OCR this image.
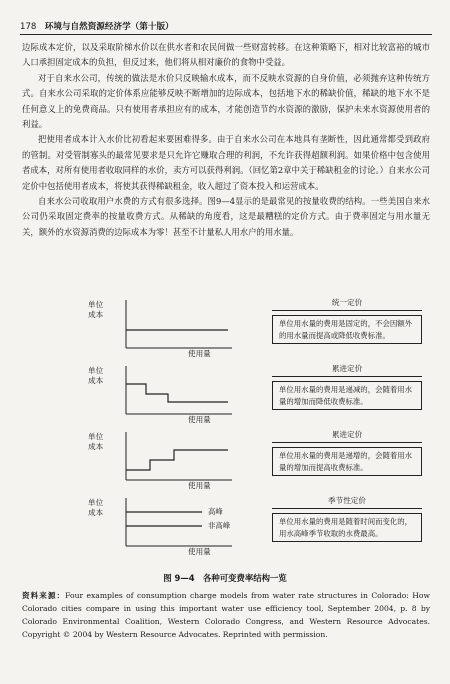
178 环境与自然资源经济学（第十版）

边际成本定价，以及采取阶梯水价以在供水者和农民间做一些财富转移。在这种策略下，相对比较富裕的城市人口承担固定成本的负担，但反过来，他们将从相对廉价的食物中受益。

对于自来水公司，传统的做法是水价只反映输水成本，而不反映水资源的自身价值，必须抛弃这种传统方式。自来水公司采取的定价体系应能够反映不断增加的边际成本，包括地下水的稀缺价值，稀缺的地下水不是任何意义上的免费商品。只有使用者承担应有的成本，才能创造节约水资源的激励，保护未来水资源使用者的利益。

把使用者成本计入水价比初看起来要困难得多。由于自来水公司在本地具有垄断性，因此通常都受到政府的管制。对受管制寡头的最常见要求是只允许它赚取合理的利润，不允许获得超额利润。如果价格中包含使用者成本，对所有使用者收取同样的水价，卖方可以获得利润。（回忆第2章中关于稀缺租金的讨论。）自来水公司定价中包括使用者成本，将使其获得稀缺租金，收入超过了资本投入和运营成本。

自来水公司收取用户水费的方式有很多选择。图9—4显示的是最常见的按量收费的结构。一些美国自来水公司仍采取固定费率的按量收费方式。从稀缺的角度看，这是最糟糕的定价方式。由于费率固定与用水量无关，额外的水资源消费的边际成本为零！甚至不计量私人用水户的用水量。

单位
成本
使用量
统一定价
单位用水量的费用是固定的，不会因额外的用水量而提高或降低收费标准。
单位
成本
使用量
累进定价
单位用水量的费用是递减的，会随着用水量的增加而降低收费标准。
单位
成本
使用量
累进定价
单位用水量的费用是递增的，会随着用水量的增加而提高收费标准。
单位
成本	高峰
非高峰
使用量
季节性定价
单位用水量的费用是随着时间而变化的，用水高峰季节收取的水费最高。
图 9—4　各种可变费率结构一览
资料来源：Four examples of consumption charge models from water rate structures in Colorado: How Colorado cities compare in using this important water use efficiency tool, September 2004, p. 8 by Colorado Environmental Coalition, Western Colorado Congress, and Western Resource Advocates. Copyright © 2004 by Western Resource Advocates. Reprinted with permission.
